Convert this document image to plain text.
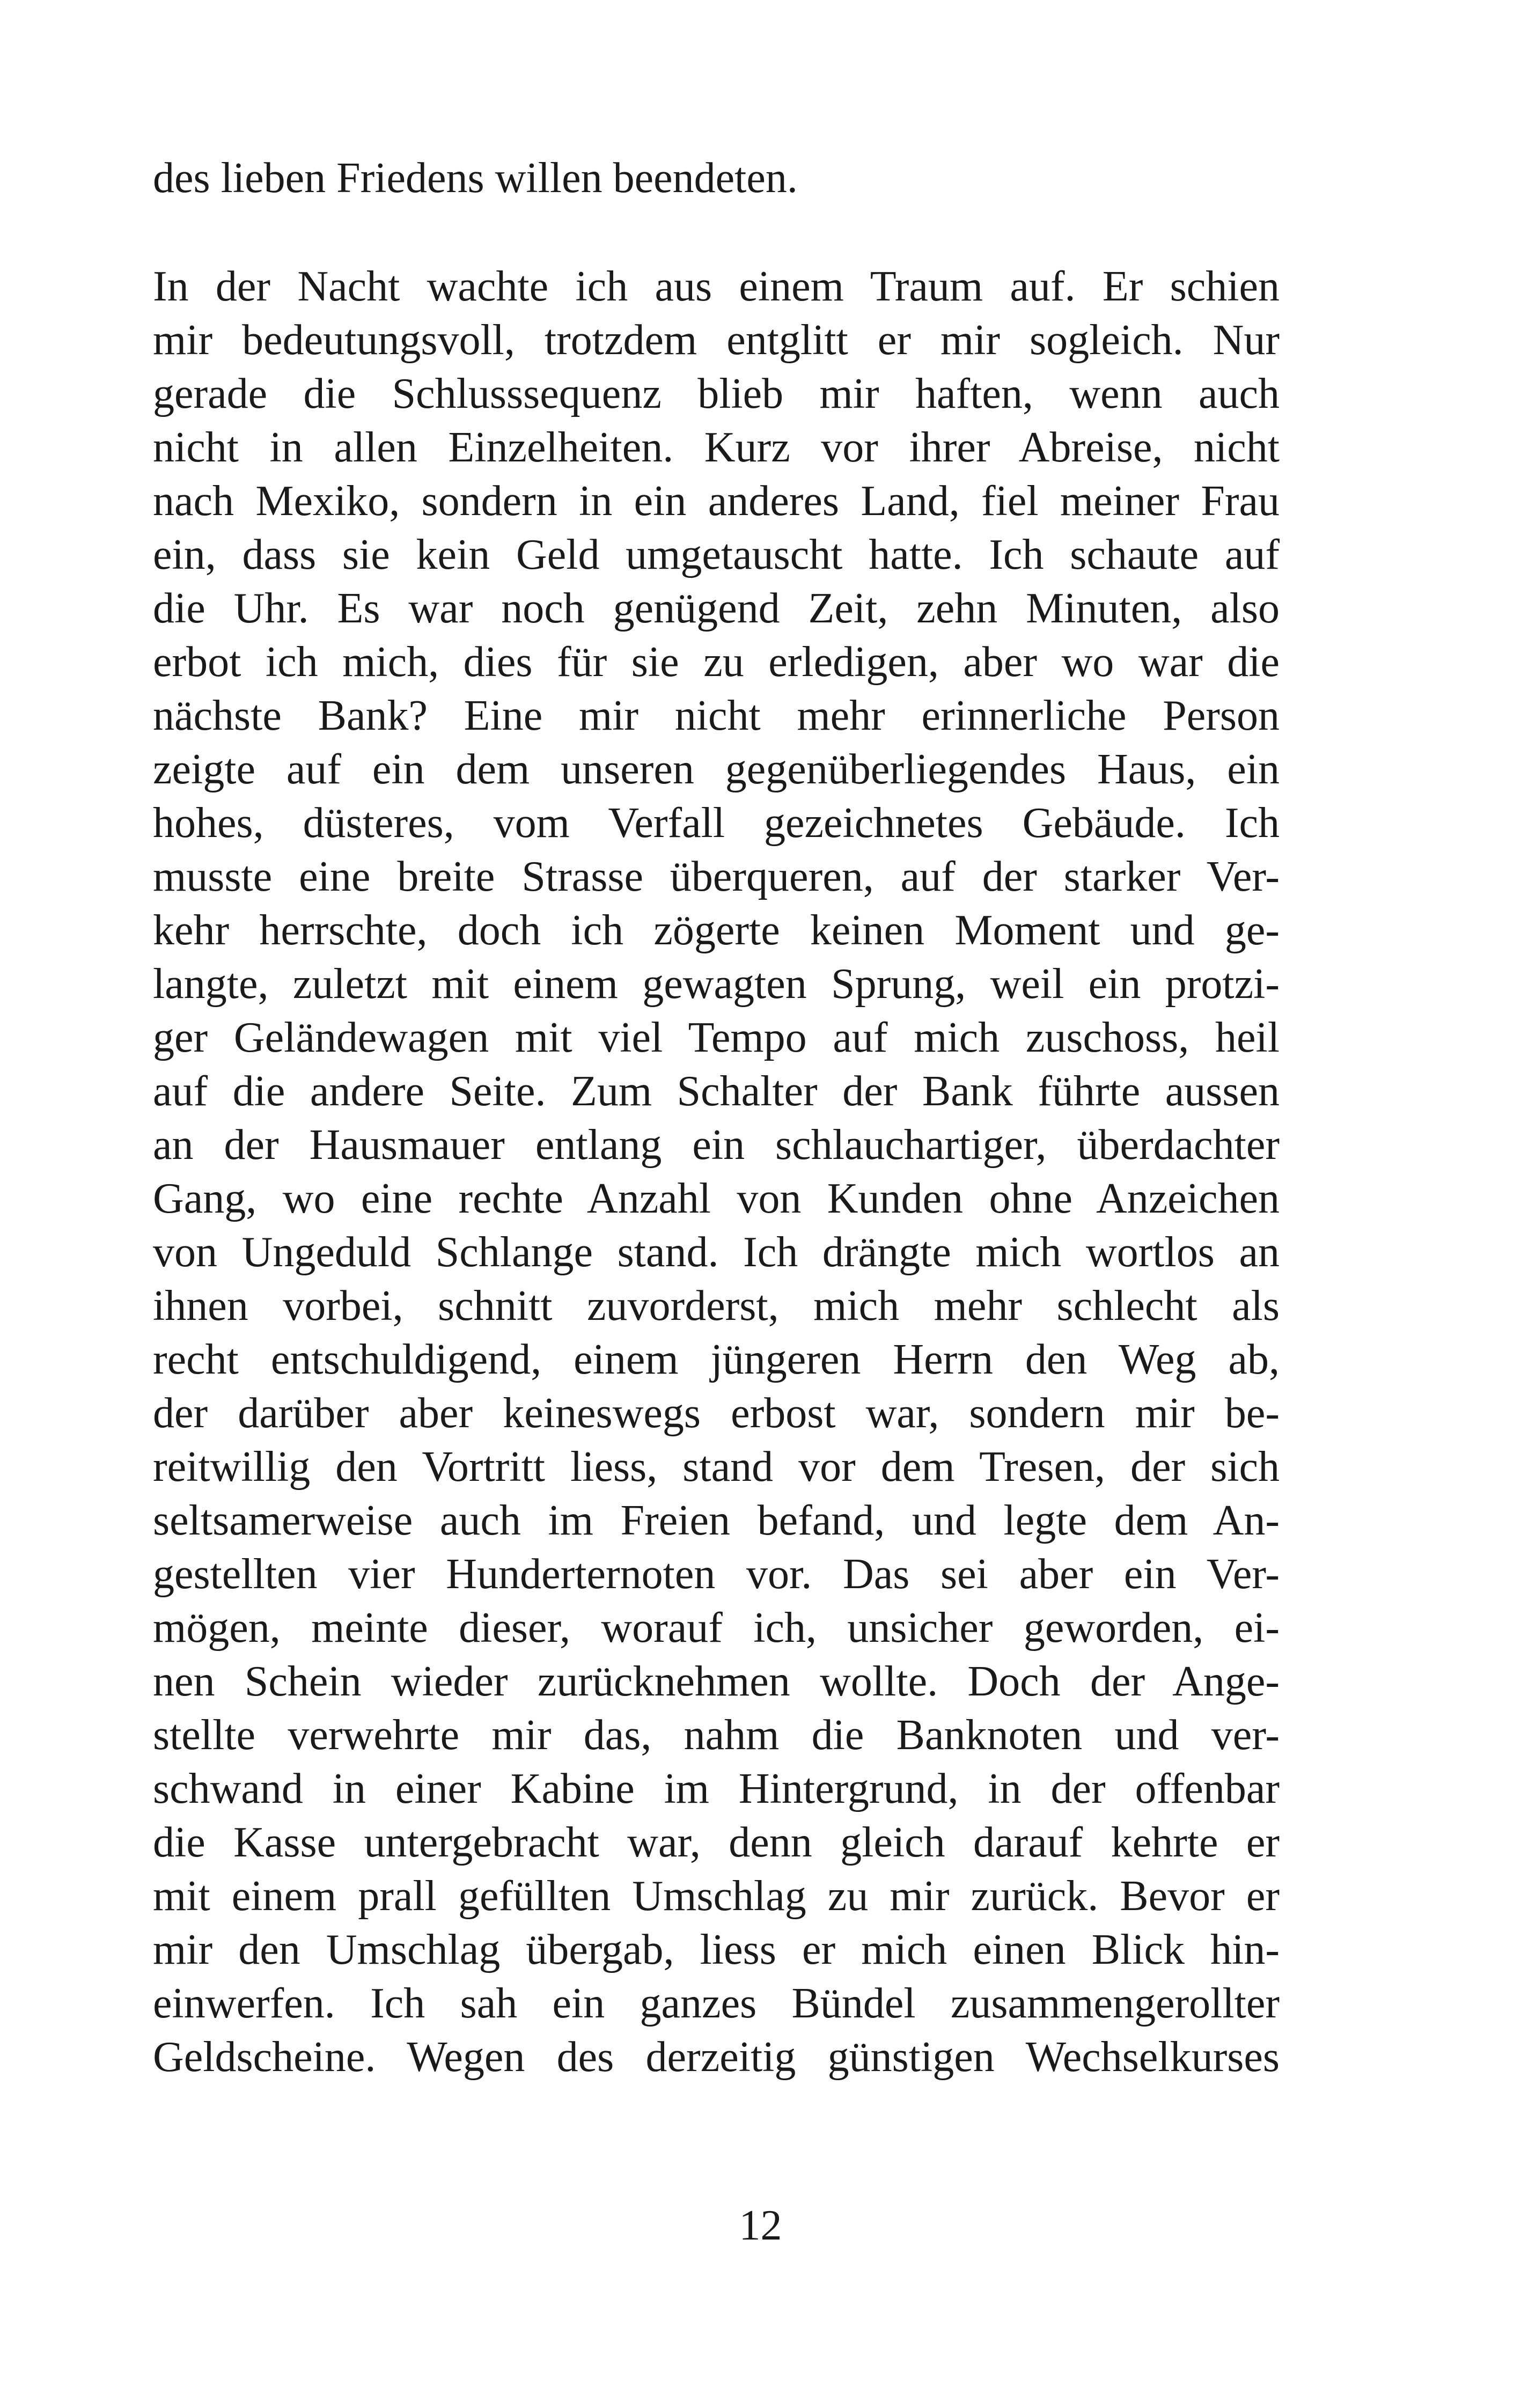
des lieben Friedens willen beendeten.
In der Nacht wachte ich aus einem Traum auf. Er schien
mir bedeutungsvoll, trotzdem entglitt er mir sogleich. Nur
gerade die Schlusssequenz blieb mir haften, wenn auch
nicht in allen Einzelheiten. Kurz vor ihrer Abreise, nicht
nach Mexiko, sondern in ein anderes Land, fiel meiner Frau
ein, dass sie kein Geld umgetauscht hatte. Ich schaute auf
die Uhr. Es war noch genügend Zeit, zehn Minuten, also
erbot ich mich, dies für sie zu erledigen, aber wo war die
nächste Bank? Eine mir nicht mehr erinnerliche Person
zeigte auf ein dem unseren gegenüberliegendes Haus, ein
hohes, düsteres, vom Verfall gezeichnetes Gebäude. Ich
musste eine breite Strasse überqueren, auf der starker Ver-
kehr herrschte, doch ich zögerte keinen Moment und ge-
langte, zuletzt mit einem gewagten Sprung, weil ein protzi-
ger Geländewagen mit viel Tempo auf mich zuschoss, heil
auf die andere Seite. Zum Schalter der Bank führte aussen
an der Hausmauer entlang ein schlauchartiger, überdachter
Gang, wo eine rechte Anzahl von Kunden ohne Anzeichen
von Ungeduld Schlange stand. Ich drängte mich wortlos an
ihnen vorbei, schnitt zuvorderst, mich mehr schlecht als
recht entschuldigend, einem jüngeren Herrn den Weg ab,
der darüber aber keineswegs erbost war, sondern mir be-
reitwillig den Vortritt liess, stand vor dem Tresen, der sich
seltsamerweise auch im Freien befand, und legte dem An-
gestellten vier Hunderternoten vor. Das sei aber ein Ver-
mögen, meinte dieser, worauf ich, unsicher geworden, ei-
nen Schein wieder zurücknehmen wollte. Doch der Ange-
stellte verwehrte mir das, nahm die Banknoten und ver-
schwand in einer Kabine im Hintergrund, in der offenbar
die Kasse untergebracht war, denn gleich darauf kehrte er
mit einem prall gefüllten Umschlag zu mir zurück. Bevor er
mir den Umschlag übergab, liess er mich einen Blick hin-
einwerfen. Ich sah ein ganzes Bündel zusammengerollter
Geldscheine. Wegen des derzeitig günstigen Wechselkurses
12
